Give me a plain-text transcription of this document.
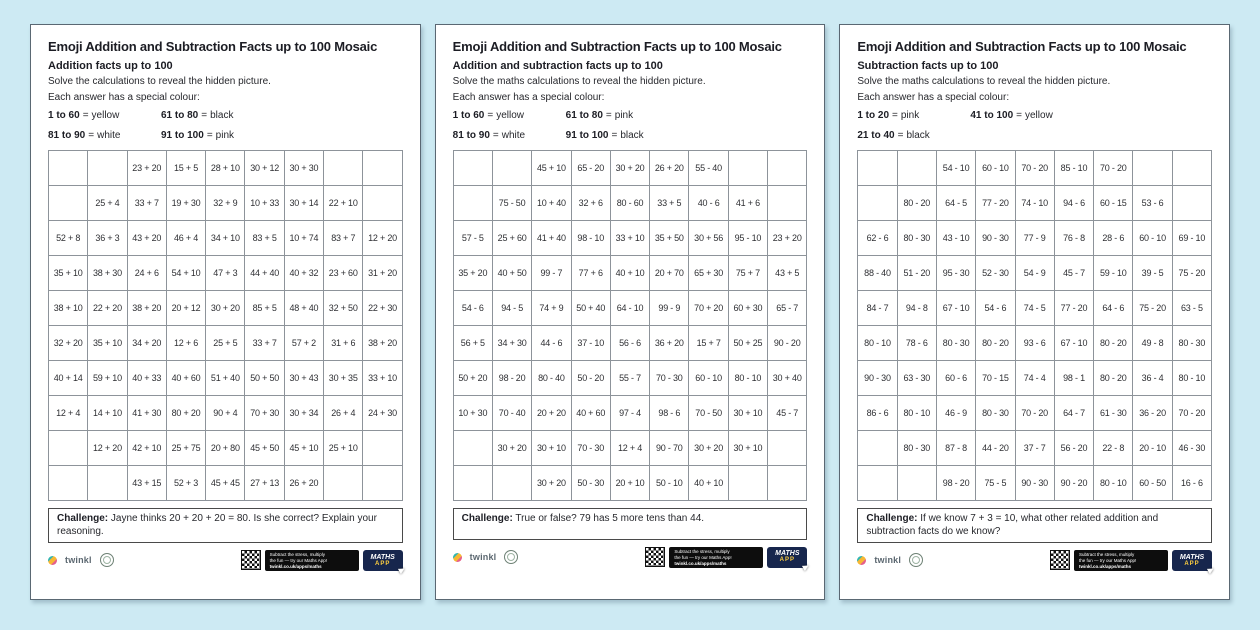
Emoji Addition and Subtraction Facts up to 100 Mosaic
Addition facts up to 100

Solve the calculations to reveal the hidden picture.

Each answer has a special colour:

1 to 60 = yellow	61 to 80 = black
81 to 90 = white	91 to 100 = pink
		23 + 20	15 + 5	28 + 10	30 + 12	30 + 30		
	25 + 4	33 + 7	19 + 30	32 + 9	10 + 33	30 + 14	22 + 10	
52 + 8	36 + 3	43 + 20	46 + 4	34 + 10	83 + 5	10 + 74	83 + 7	12 + 20
35 + 10	38 + 30	24 + 6	54 + 10	47 + 3	44 + 40	40 + 32	23 + 60	31 + 20
38 + 10	22 + 20	38 + 20	20 + 12	30 + 20	85 + 5	48 + 40	32 + 50	22 + 30
32 + 20	35 + 10	34 + 20	12 + 6	25 + 5	33 + 7	57 + 2	31 + 6	38 + 20
40 + 14	59 + 10	40 + 33	40 + 60	51 + 40	50 + 50	30 + 43	30 + 35	33 + 10
12 + 4	14 + 10	41 + 30	80 + 20	90 + 4	70 + 30	30 + 34	26 + 4	24 + 30
	12 + 20	42 + 10	25 + 75	20 + 80	45 + 50	45 + 10	25 + 10	
		43 + 15	52 + 3	45 + 45	27 + 13	26 + 20		
Challenge: Jayne thinks 20 + 20 + 20 = 80. Is she correct? Explain your reasoning.
twinkl
Subtract the stress, multiply
the fun — try our Maths App!
twinkl.co.uk/apps/maths
MATHS
APP
Emoji Addition and Subtraction Facts up to 100 Mosaic
Addition and subtraction facts up to 100

Solve the maths calculations to reveal the hidden picture.

Each answer has a special colour:

1 to 60 = yellow	61 to 80 = pink
81 to 90 = white	91 to 100 = black
		45 + 10	65 - 20	30 + 20	26 + 20	55 - 40		
	75 - 50	10 + 40	32 + 6	80 - 60	33 + 5	40 - 6	41 + 6	
57 - 5	25 + 60	41 + 40	98 - 10	33 + 10	35 + 50	30 + 56	95 - 10	23 + 20
35 + 20	40 + 50	99 - 7	77 + 6	40 + 10	20 + 70	65 + 30	75 + 7	43 + 5
54 - 6	94 - 5	74 + 9	50 + 40	64 - 10	99 - 9	70 + 20	60 + 30	65 - 7
56 + 5	34 + 30	44 - 6	37 - 10	56 - 6	36 + 20	15 + 7	50 + 25	90 - 20
50 + 20	98 - 20	80 - 40	50 - 20	55 - 7	70 - 30	60 - 10	80 - 10	30 + 40
10 + 30	70 - 40	20 + 20	40 + 60	97 - 4	98 - 6	70 - 50	30 + 10	45 - 7
	30 + 20	30 + 10	70 - 30	12 + 4	90 - 70	30 + 20	30 + 10	
		30 + 20	50 - 30	20 + 10	50 - 10	40 + 10		
Challenge: True or false? 79 has 5 more tens than 44.
twinkl
Subtract the stress, multiply
the fun — try our Maths App!
twinkl.co.uk/apps/maths
MATHS
APP
Emoji Addition and Subtraction Facts up to 100 Mosaic
Subtraction facts up to 100

Solve the maths calculations to reveal the hidden picture.

Each answer has a special colour:

1 to 20 = pink	41 to 100 = yellow
21 to 40 = black
		54 - 10	60 - 10	70 - 20	85 - 10	70 - 20		
	80 - 20	64 - 5	77 - 20	74 - 10	94 - 6	60 - 15	53 - 6	
62 - 6	80 - 30	43 - 10	90 - 30	77 - 9	76 - 8	28 - 6	60 - 10	69 - 10
88 - 40	51 - 20	95 - 30	52 - 30	54 - 9	45 - 7	59 - 10	39 - 5	75 - 20
84 - 7	94 - 8	67 - 10	54 - 6	74 - 5	77 - 20	64 - 6	75 - 20	63 - 5
80 - 10	78 - 6	80 - 30	80 - 20	93 - 6	67 - 10	80 - 20	49 - 8	80 - 30
90 - 30	63 - 30	60 - 6	70 - 15	74 - 4	98 - 1	80 - 20	36 - 4	80 - 10
86 - 6	80 - 10	46 - 9	80 - 30	70 - 20	64 - 7	61 - 30	36 - 20	70 - 20
	80 - 30	87 - 8	44 - 20	37 - 7	56 - 20	22 - 8	20 - 10	46 - 30
		98 - 20	75 - 5	90 - 30	90 - 20	80 - 10	60 - 50	16 - 6
Challenge: If we know 7 + 3 = 10, what other related addition and subtraction facts do we know?
twinkl
Subtract the stress, multiply
the fun — try our Maths App!
twinkl.co.uk/apps/maths
MATHS
APP
